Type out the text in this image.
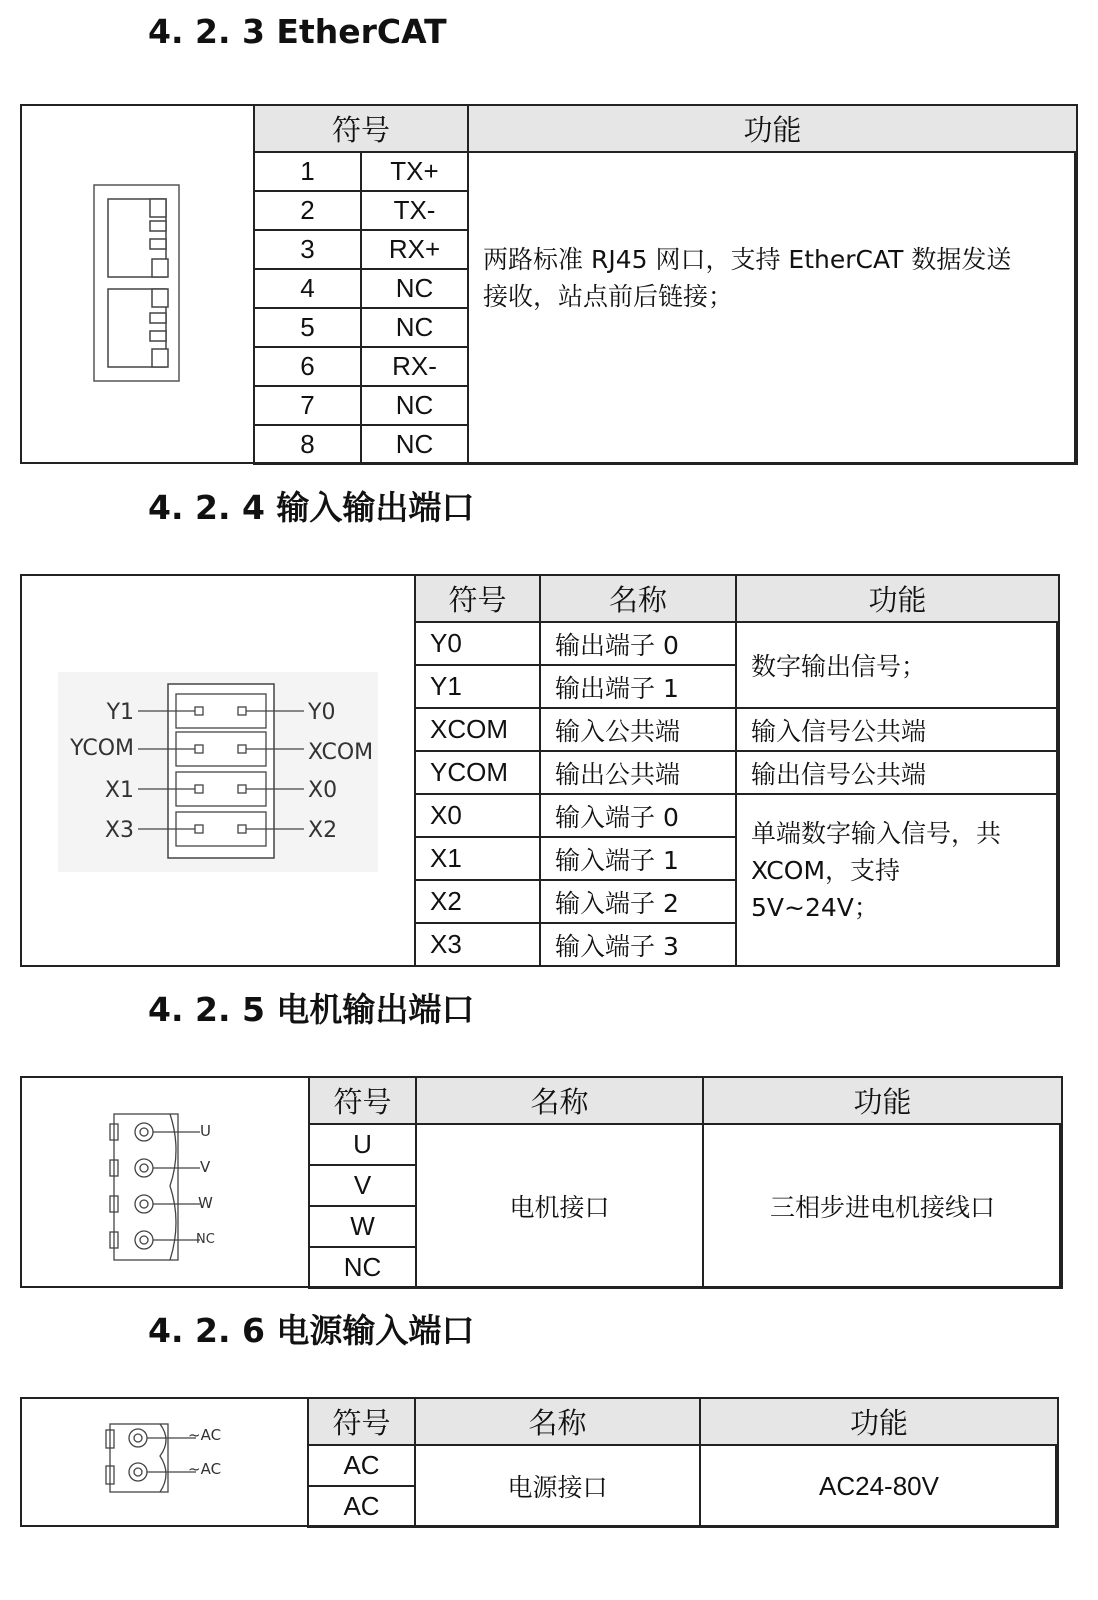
4. 2. 3 EtherCAT
符号		功能
1	TX+	两路标准 RJ45 网口，支持 EtherCAT 数据发送
接收，站点前后链接；

2	TX-	
3	RX+	
4	NC	
5	NC	
6	RX-	
7	NC	
8	NC	
4. 2. 4 输入输出端口
Y1
YCOM
X1
X3
Y0
XCOM
X0
X2
符号	名称	功能
Y0	输出端子 0	数字输出信号；
Y1	输出端子 1	
XCOM	输入公共端	输入信号公共端
YCOM	输出公共端	输出信号公共端
X0	输入端子 0	单端数字输入信号，共
XCOM，支持
5V~24V；

X1	输入端子 1	
X2	输入端子 2	
X3	输入端子 3	
4. 2. 5 电机输出端口
U
V
W
NC
符号	名称	功能
U	电机接口	三相步进电机接线口
V		
W		
NC		
4. 2. 6 电源输入端口
~AC
~AC
符号	名称	功能
AC	电源接口	AC24-80V
AC		
